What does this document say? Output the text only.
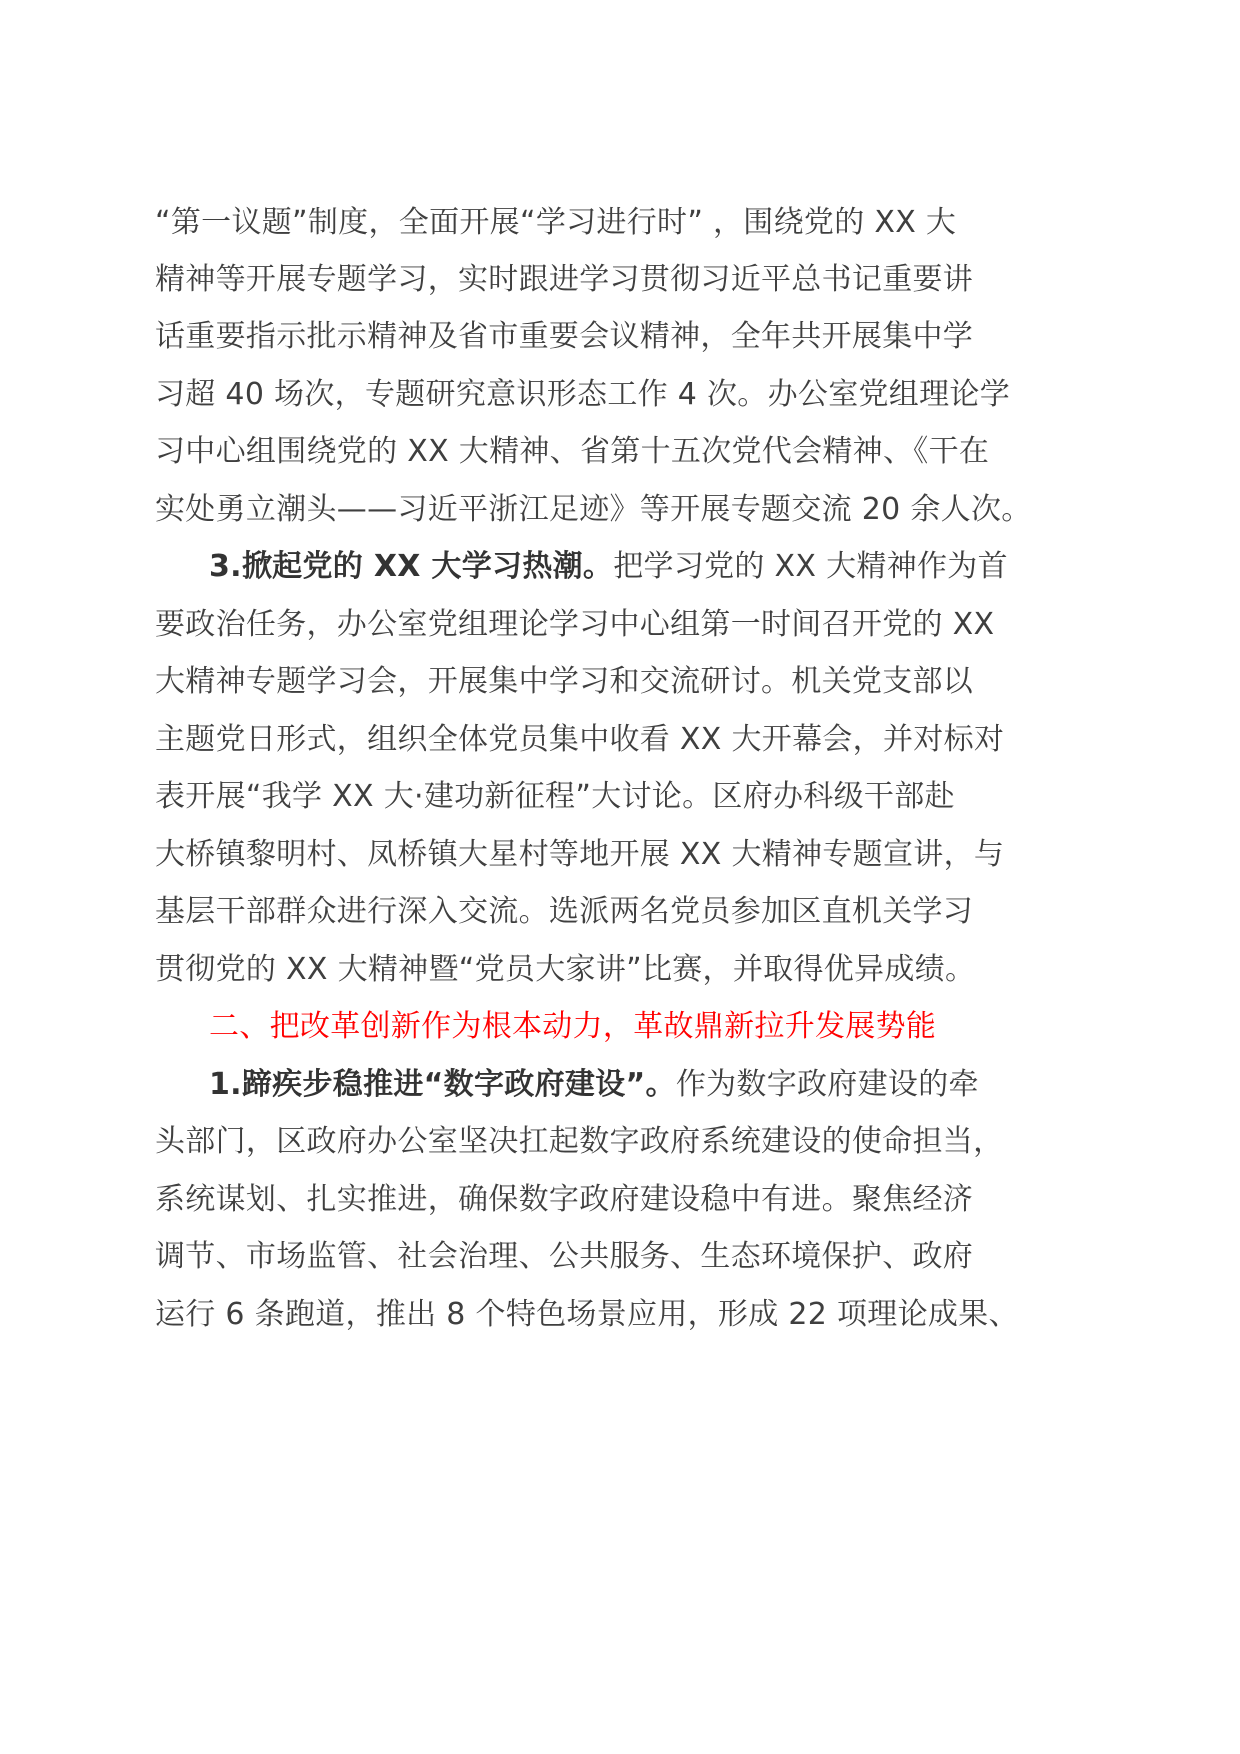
“第一议题”制度，全面开展“学习进行时” ，围绕党的 XX 大
精神等开展专题学习，实时跟进学习贯彻习近平总书记重要讲
话重要指示批示精神及省市重要会议精神，全年共开展集中学
习超 40 场次，专题研究意识形态工作 4 次。办公室党组理论学
习中心组围绕党的 XX 大精神、省第十五次党代会精神、《干在
实处勇立潮头——习近平浙江足迹》等开展专题交流 20 余人次。
3.掀起党的 XX 大学习热潮。把学习党的 XX 大精神作为首
要政治任务，办公室党组理论学习中心组第一时间召开党的 XX
大精神专题学习会，开展集中学习和交流研讨。机关党支部以
主题党日形式，组织全体党员集中收看 XX 大开幕会，并对标对
表开展“我学 XX 大·建功新征程”大讨论。区府办科级干部赴
大桥镇黎明村、凤桥镇大星村等地开展 XX 大精神专题宣讲，与
基层干部群众进行深入交流。选派两名党员参加区直机关学习
贯彻党的 XX 大精神暨“党员大家讲”比赛，并取得优异成绩。
二、把改革创新作为根本动力，革故鼎新拉升发展势能
1.蹄疾步稳推进“数字政府建设”。作为数字政府建设的牵
头部门，区政府办公室坚决扛起数字政府系统建设的使命担当，
系统谋划、扎实推进，确保数字政府建设稳中有进。聚焦经济
调节、市场监管、社会治理、公共服务、生态环境保护、政府
运行 6 条跑道，推出 8 个特色场景应用，形成 22 项理论成果、
